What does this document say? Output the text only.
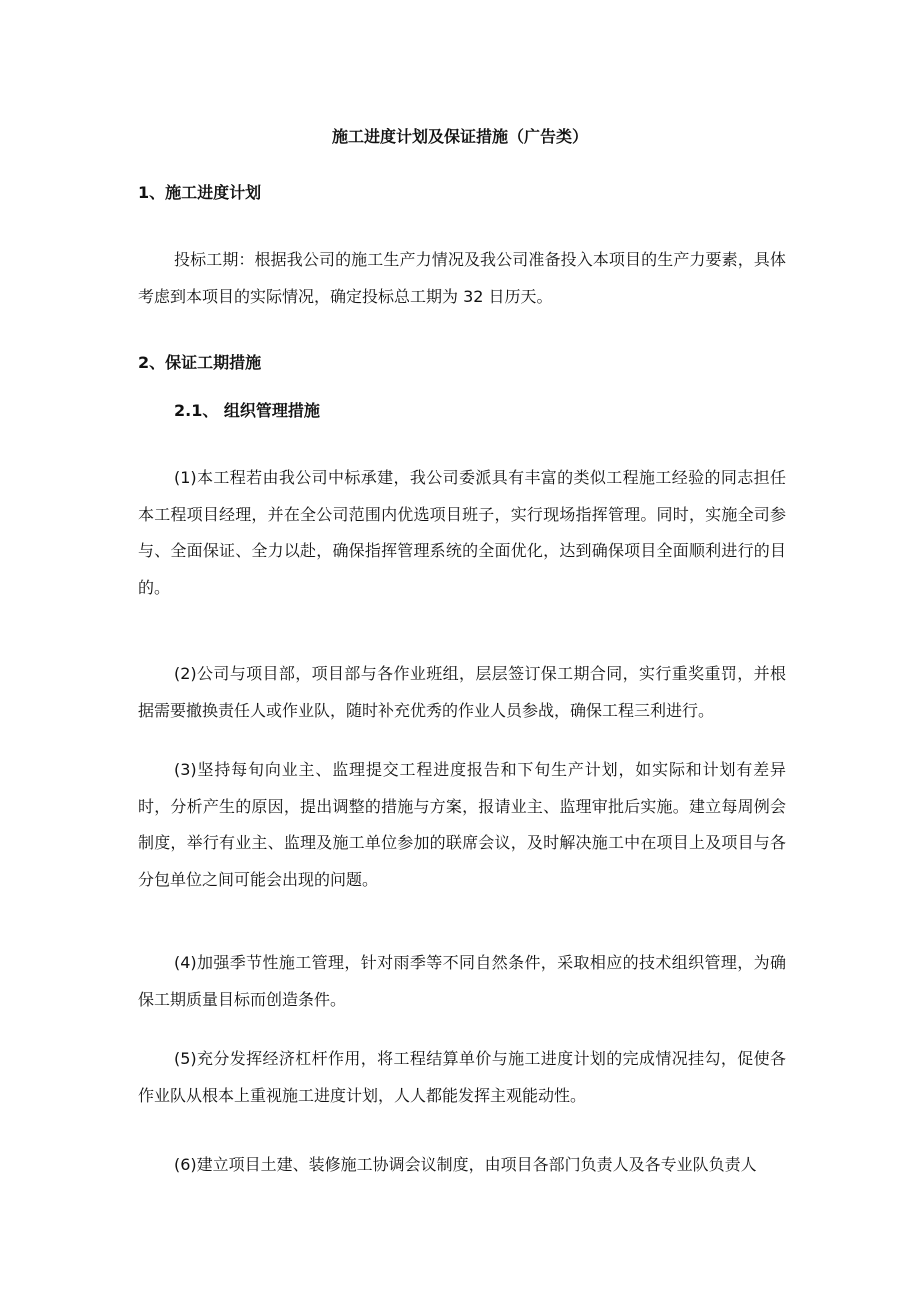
施工进度计划及保证措施（广告类）
1、施工进度计划

投标工期：根据我公司的施工生产力情况及我公司准备投入本项目的生产力要素，具体考虑到本项目的实际情况，确定投标总工期为 32 日历天。

2、保证工期措施
2.1、 组织管理措施

(1)本工程若由我公司中标承建，我公司委派具有丰富的类似工程施工经验的同志担任本工程项目经理，并在全公司范围内优选项目班子，实行现场指挥管理。同时，实施全司参与、全面保证、全力以赴，确保指挥管理系统的全面优化，达到确保项目全面顺利进行的目的。

(2)公司与项目部，项目部与各作业班组，层层签订保工期合同，实行重奖重罚，并根据需要撤换责任人或作业队，随时补充优秀的作业人员参战，确保工程三利进行。

(3)坚持每旬向业主、监理提交工程进度报告和下旬生产计划，如实际和计划有差异时，分析产生的原因，提出调整的措施与方案，报请业主、监理审批后实施。建立每周例会制度，举行有业主、监理及施工单位参加的联席会议，及时解决施工中在项目上及项目与各分包单位之间可能会出现的问题。

(4)加强季节性施工管理，针对雨季等不同自然条件，采取相应的技术组织管理，为确保工期质量目标而创造条件。

(5)充分发挥经济杠杆作用，将工程结算单价与施工进度计划的完成情况挂勾，促使各作业队从根本上重视施工进度计划，人人都能发挥主观能动性。

(6)建立项目土建、装修施工协调会议制度，由项目各部门负责人及各专业队负责人
